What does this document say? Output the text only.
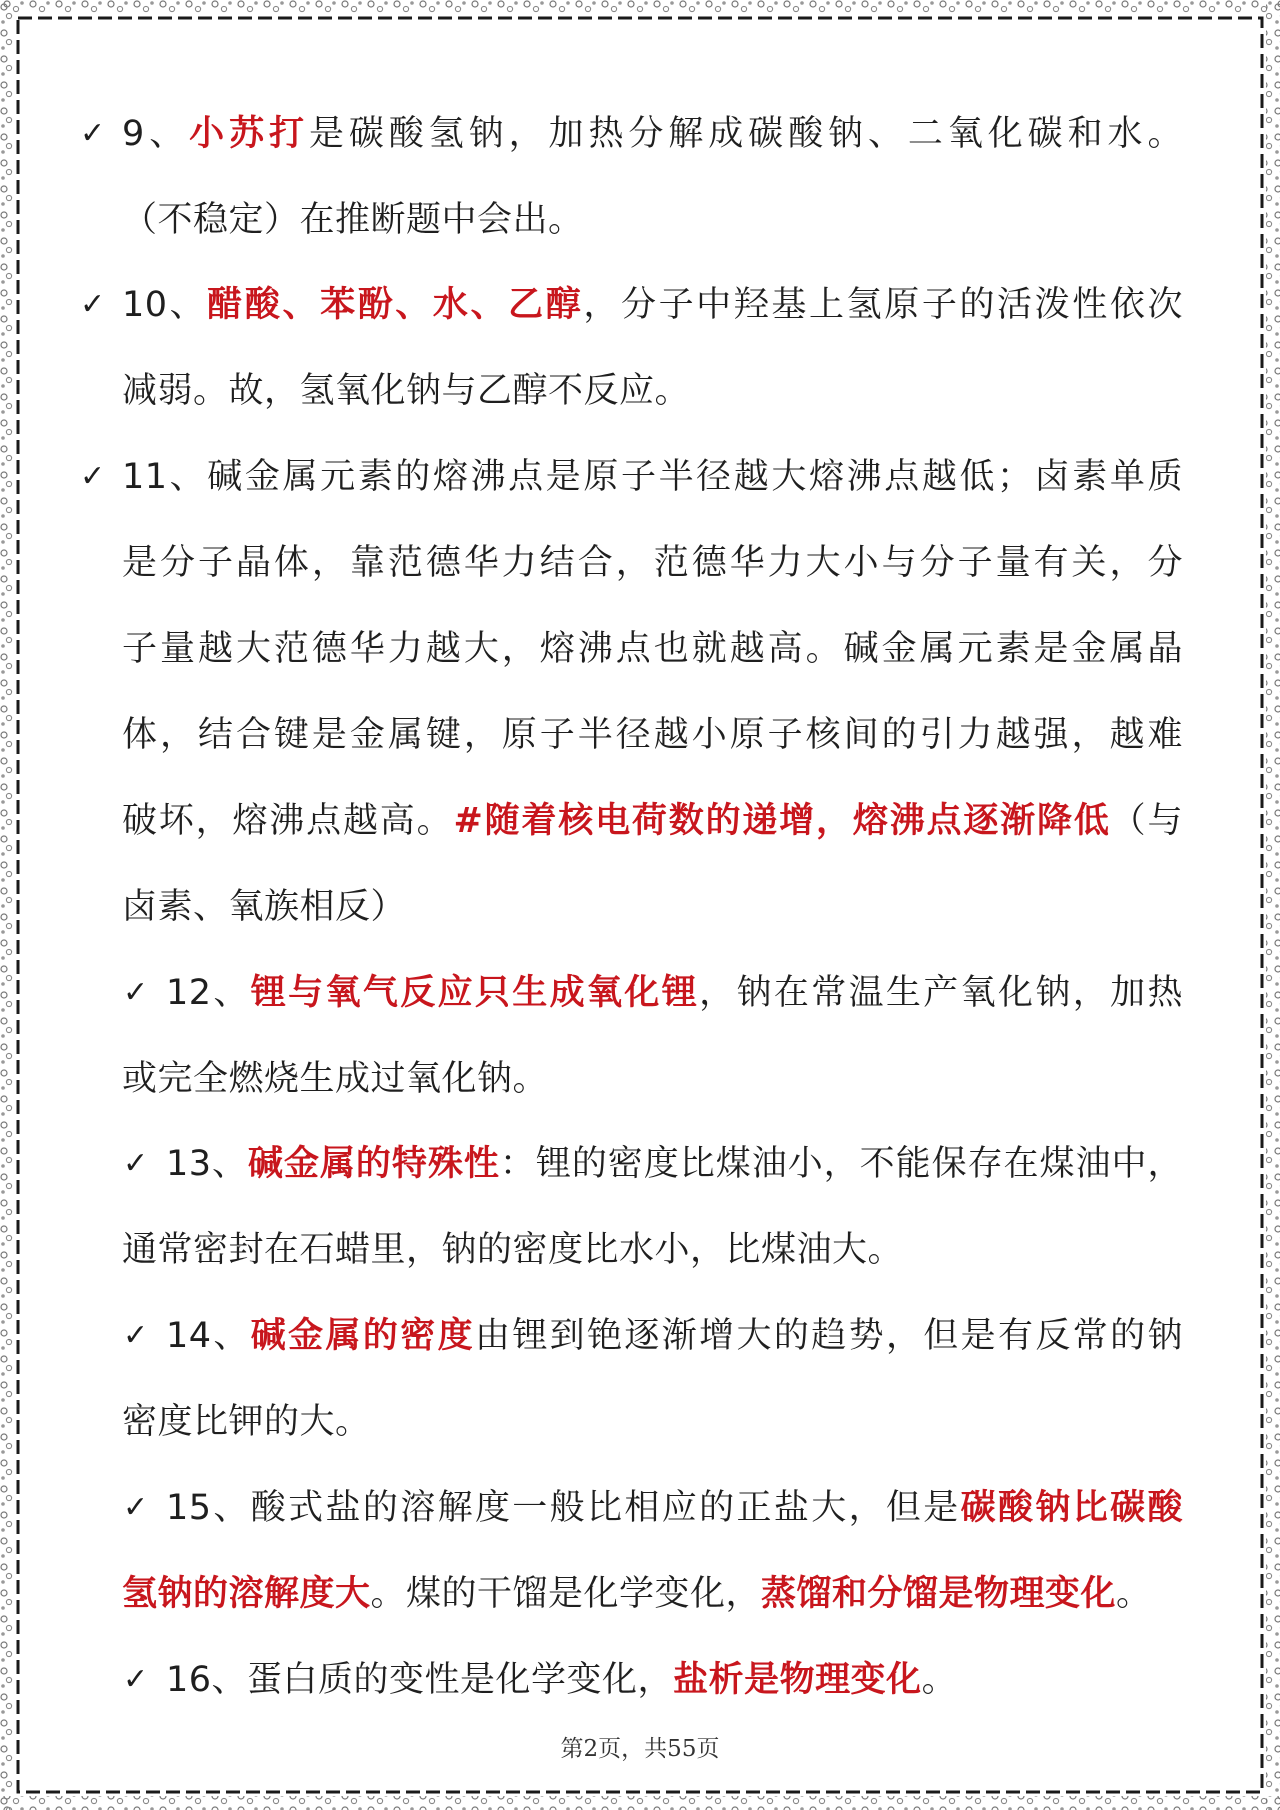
✓ 9、小苏打是碳酸氢钠，加热分解成碳酸钠、二氧化碳和水。
（不稳定）在推断题中会出。
✓ 10、醋酸、苯酚、水、乙醇，分子中羟基上氢原子的活泼性依次
减弱。故，氢氧化钠与乙醇不反应。
✓ 11、碱金属元素的熔沸点是原子半径越大熔沸点越低；卤素单质
是分子晶体，靠范德华力结合，范德华力大小与分子量有关，分
子量越大范德华力越大，熔沸点也就越高。碱金属元素是金属晶
体，结合键是金属键，原子半径越小原子核间的引力越强，越难
破坏，熔沸点越高。#随着核电荷数的递增，熔沸点逐渐降低（与
卤素、氧族相反）
✓ 12、锂与氧气反应只生成氧化锂，钠在常温生产氧化钠，加热
或完全燃烧生成过氧化钠。
✓ 13、碱金属的特殊性：锂的密度比煤油小，不能保存在煤油中，
通常密封在石蜡里，钠的密度比水小，比煤油大。
✓ 14、碱金属的密度由锂到铯逐渐增大的趋势，但是有反常的钠
密度比钾的大。
✓ 15、酸式盐的溶解度一般比相应的正盐大，但是碳酸钠比碳酸
氢钠的溶解度大。煤的干馏是化学变化，蒸馏和分馏是物理变化。
✓ 16、蛋白质的变性是化学变化，盐析是物理变化。
第2页，共55页
